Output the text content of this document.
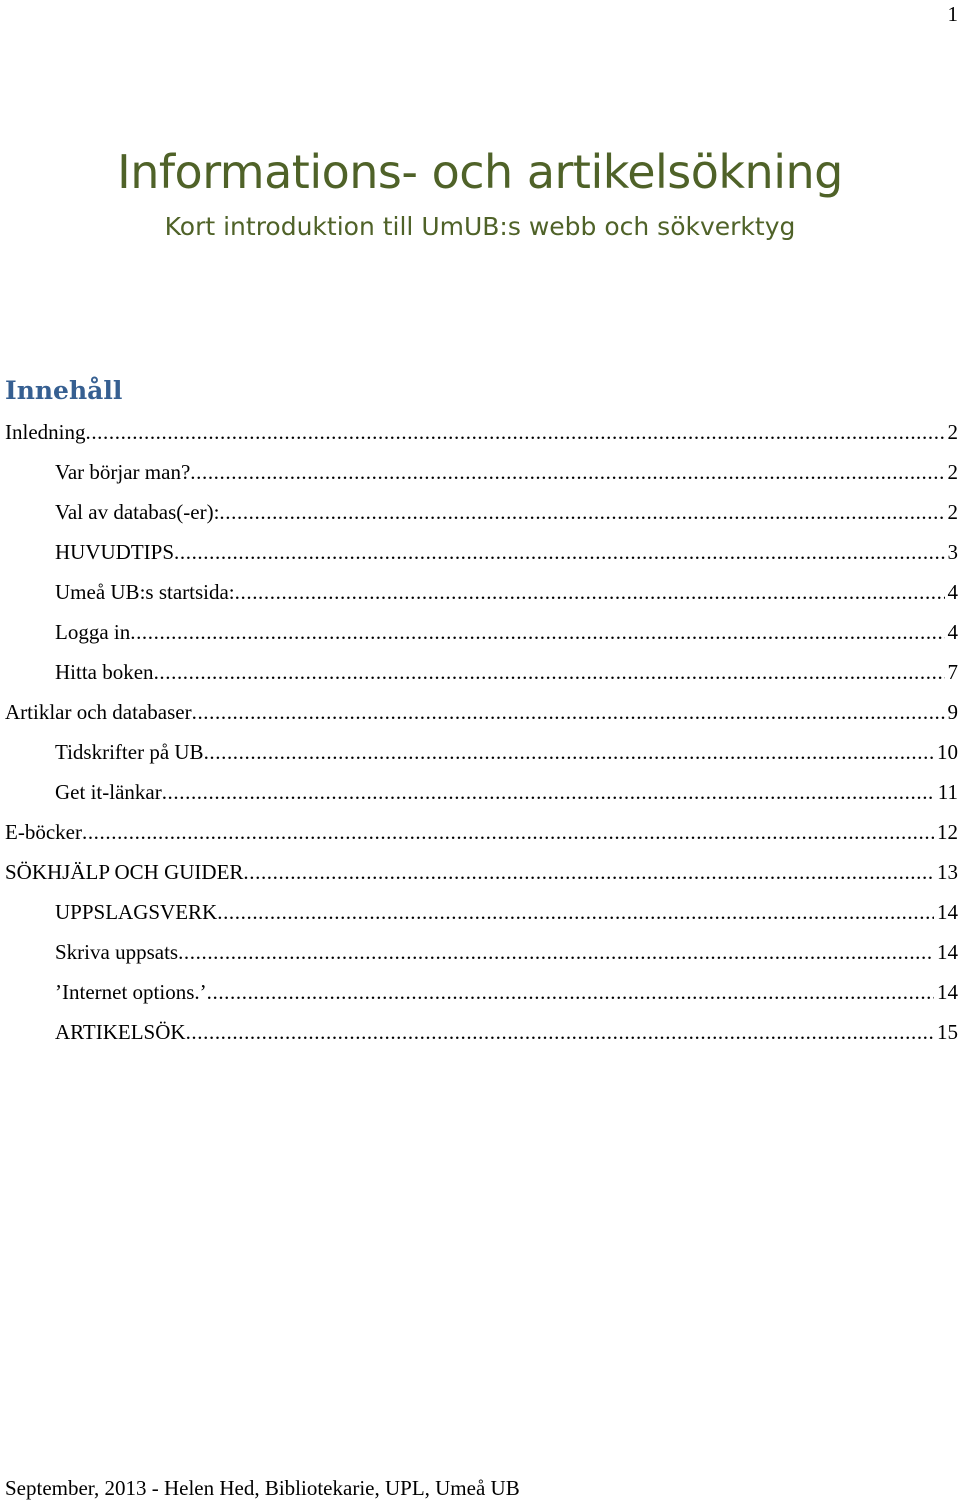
1
Informations- och artikelsökning
Kort introduktion till UmUB:s webb och sökverktyg
Innehåll
Inledning .....	2
Var börjar man? .....	2
Val av databas(-er): .....	2
HUVUDTIPS .....	3
Umeå UB:s startsida: .....	4
Logga in .....	4
Hitta boken .....	7
Artiklar och databaser .....	9
Tidskrifter på UB .....	10
Get it-länkar .....	11
E-böcker .....	12
SÖKHJÄLP OCH GUIDER .....	13
UPPSLAGSVERK .....	14
Skriva uppsats .....	14
’Internet options.’ .....	14
ARTIKELSÖK .....	15
September, 2013 - Helen Hed, Bibliotekarie, UPL, Umeå UB
